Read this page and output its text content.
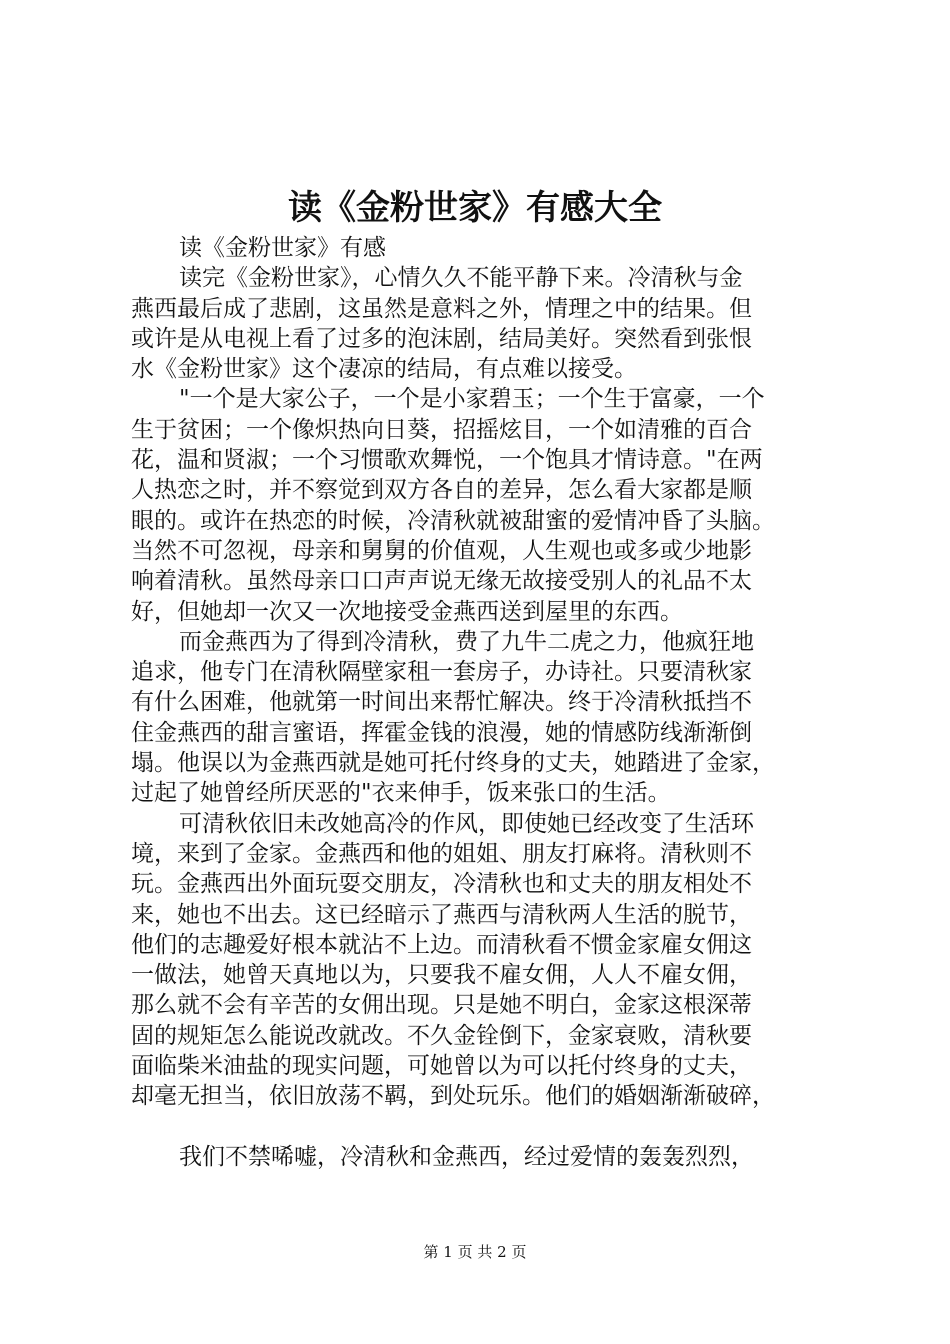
读《金粉世家》有感大全
读《金粉世家》有感
读完《金粉世家》，心情久久不能平静下来。冷清秋与金
燕西最后成了悲剧，这虽然是意料之外，情理之中的结果。但
或许是从电视上看了过多的泡沫剧，结局美好。突然看到张恨
水《金粉世家》这个凄凉的结局，有点难以接受。
"一个是大家公子，一个是小家碧玉；一个生于富豪，一个
生于贫困；一个像炽热向日葵，招摇炫目，一个如清雅的百合
花，温和贤淑；一个习惯歌欢舞悦，一个饱具才情诗意。"在两
人热恋之时，并不察觉到双方各自的差异，怎么看大家都是顺
眼的。或许在热恋的时候，冷清秋就被甜蜜的爱情冲昏了头脑。
当然不可忽视，母亲和舅舅的价值观，人生观也或多或少地影
响着清秋。虽然母亲口口声声说无缘无故接受别人的礼品不太
好，但她却一次又一次地接受金燕西送到屋里的东西。
而金燕西为了得到冷清秋，费了九牛二虎之力，他疯狂地
追求，他专门在清秋隔壁家租一套房子，办诗社。只要清秋家
有什么困难，他就第一时间出来帮忙解决。终于冷清秋抵挡不
住金燕西的甜言蜜语，挥霍金钱的浪漫，她的情感防线渐渐倒
塌。他误以为金燕西就是她可托付终身的丈夫，她踏进了金家，
过起了她曾经所厌恶的"衣来伸手，饭来张口的生活。
可清秋依旧未改她高冷的作风，即使她已经改变了生活环
境，来到了金家。金燕西和他的姐姐、朋友打麻将。清秋则不
玩。金燕西出外面玩耍交朋友，冷清秋也和丈夫的朋友相处不
来，她也不出去。这已经暗示了燕西与清秋两人生活的脱节，
他们的志趣爱好根本就沾不上边。而清秋看不惯金家雇女佣这
一做法，她曾天真地以为，只要我不雇女佣，人人不雇女佣，
那么就不会有辛苦的女佣出现。只是她不明白，金家这根深蒂
固的规矩怎么能说改就改。不久金铨倒下，金家衰败，清秋要
面临柴米油盐的现实问题，可她曾以为可以托付终身的丈夫，
却毫无担当，依旧放荡不羁，到处玩乐。他们的婚姻渐渐破碎，
我们不禁唏嘘，冷清秋和金燕西，经过爱情的轰轰烈烈，
第 1 页 共 2 页
